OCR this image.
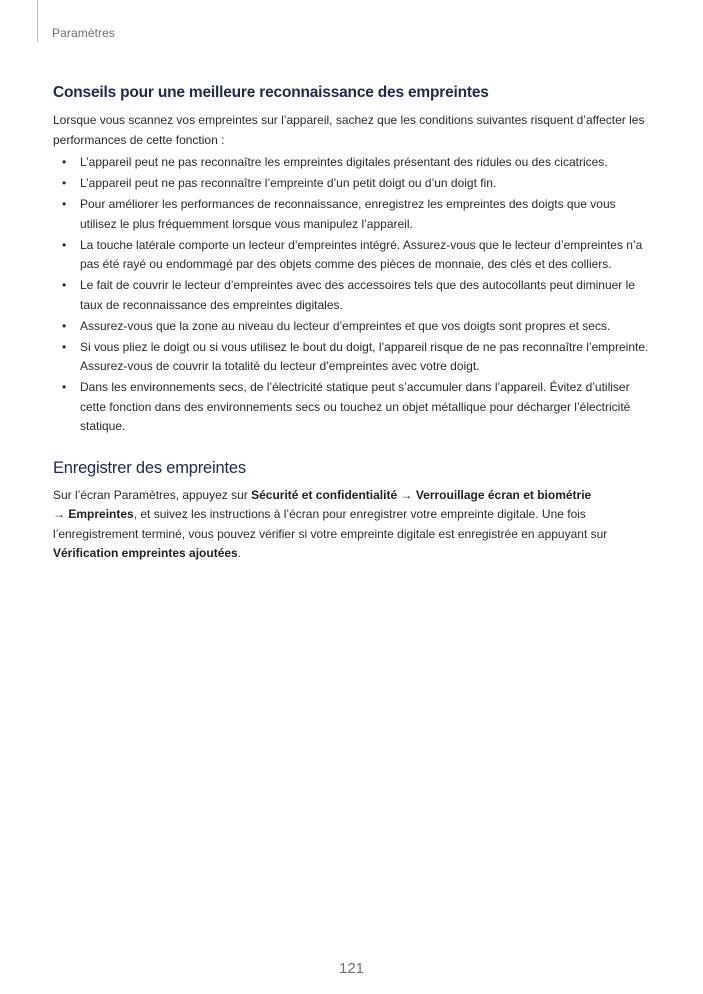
Paramètres
Conseils pour une meilleure reconnaissance des empreintes

Lorsque vous scannez vos empreintes sur l’appareil, sachez que les conditions suivantes risquent d’affecter les performances de cette fonction :

• L’appareil peut ne pas reconnaître les empreintes digitales présentant des ridules ou des cicatrices.
• L’appareil peut ne pas reconnaître l’empreinte d’un petit doigt ou d’un doigt fin.
• Pour améliorer les performances de reconnaissance, enregistrez les empreintes des doigts que vous utilisez le plus fréquemment lorsque vous manipulez l’appareil.
• La touche latérale comporte un lecteur d’empreintes intégré. Assurez-vous que le lecteur d’empreintes n’a pas été rayé ou endommagé par des objets comme des pièces de monnaie, des clés et des colliers.
• Le fait de couvrir le lecteur d’empreintes avec des accessoires tels que des autocollants peut diminuer le taux de reconnaissance des empreintes digitales.
• Assurez-vous que la zone au niveau du lecteur d’empreintes et que vos doigts sont propres et secs.
• Si vous pliez le doigt ou si vous utilisez le bout du doigt, l’appareil risque de ne pas reconnaître l’empreinte. Assurez-vous de couvrir la totalité du lecteur d’empreintes avec votre doigt.
• Dans les environnements secs, de l’électricité statique peut s’accumuler dans l’appareil. Évitez d’utiliser cette fonction dans des environnements secs ou touchez un objet métallique pour décharger l’électricité statique.
Enregistrer des empreintes

Sur l’écran Paramètres, appuyez sur Sécurité et confidentialité → Verrouillage écran et biométrie
→ Empreintes, et suivez les instructions à l’écran pour enregistrer votre empreinte digitale. Une fois l’enregistrement terminé, vous pouvez vérifier si votre empreinte digitale est enregistrée en appuyant sur Vérification empreintes ajoutées.

121
